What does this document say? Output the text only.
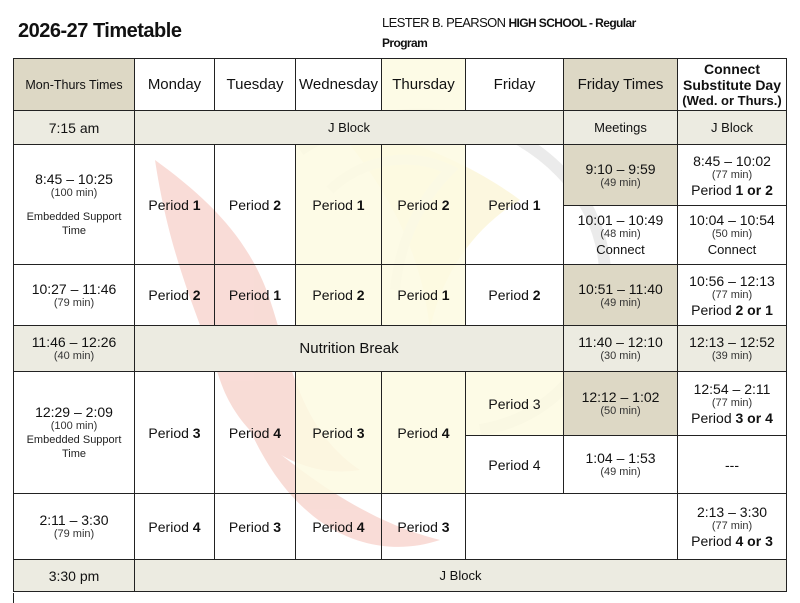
2026-27 Timetable	LESTER B. PEARSON HIGH SCHOOL - Regular Program
Mon-Thurs Times	Monday	Tuesday	Wednesday	Thursday	Friday	Friday Times	Connect Substitute Day
(Wed. or Thurs.)

7:15 am	J Block					Meetings	J Block

8:45 – 10:25
(100 min)
Embedded Support Time	Period 1	Period 2	Period 1	Period 2	Period 1	9:10 – 9:59
(49 min)	8:45 – 10:02
(77 min)
Period 1 or 2

						10:01 – 10:49
(48 min)
Connect	10:04 – 10:54
(50 min)
Connect

10:27 – 11:46
(79 min)	Period 2	Period 1	Period 2	Period 1	Period 2	10:51 – 11:40
(49 min)	10:56 – 12:13
(77 min)
Period 2 or 1

11:46 – 12:26
(40 min)	Nutrition Break					11:40 – 12:10
(30 min)	12:13 – 12:52
(39 min)

12:29 – 2:09
(100 min)
Embedded Support Time	Period 3	Period 4	Period 3	Period 4	Period 3	12:12 – 1:02
(50 min)	12:54 – 2:11
(77 min)
Period 3 or 4
					Period 4	1:04 – 1:53
(49 min)	---

2:11 – 3:30
(79 min)	Period 4	Period 3	Period 4	Period 3			2:13 – 3:30
(77 min)
Period 4 or 3
3:30 pm	J Block						
